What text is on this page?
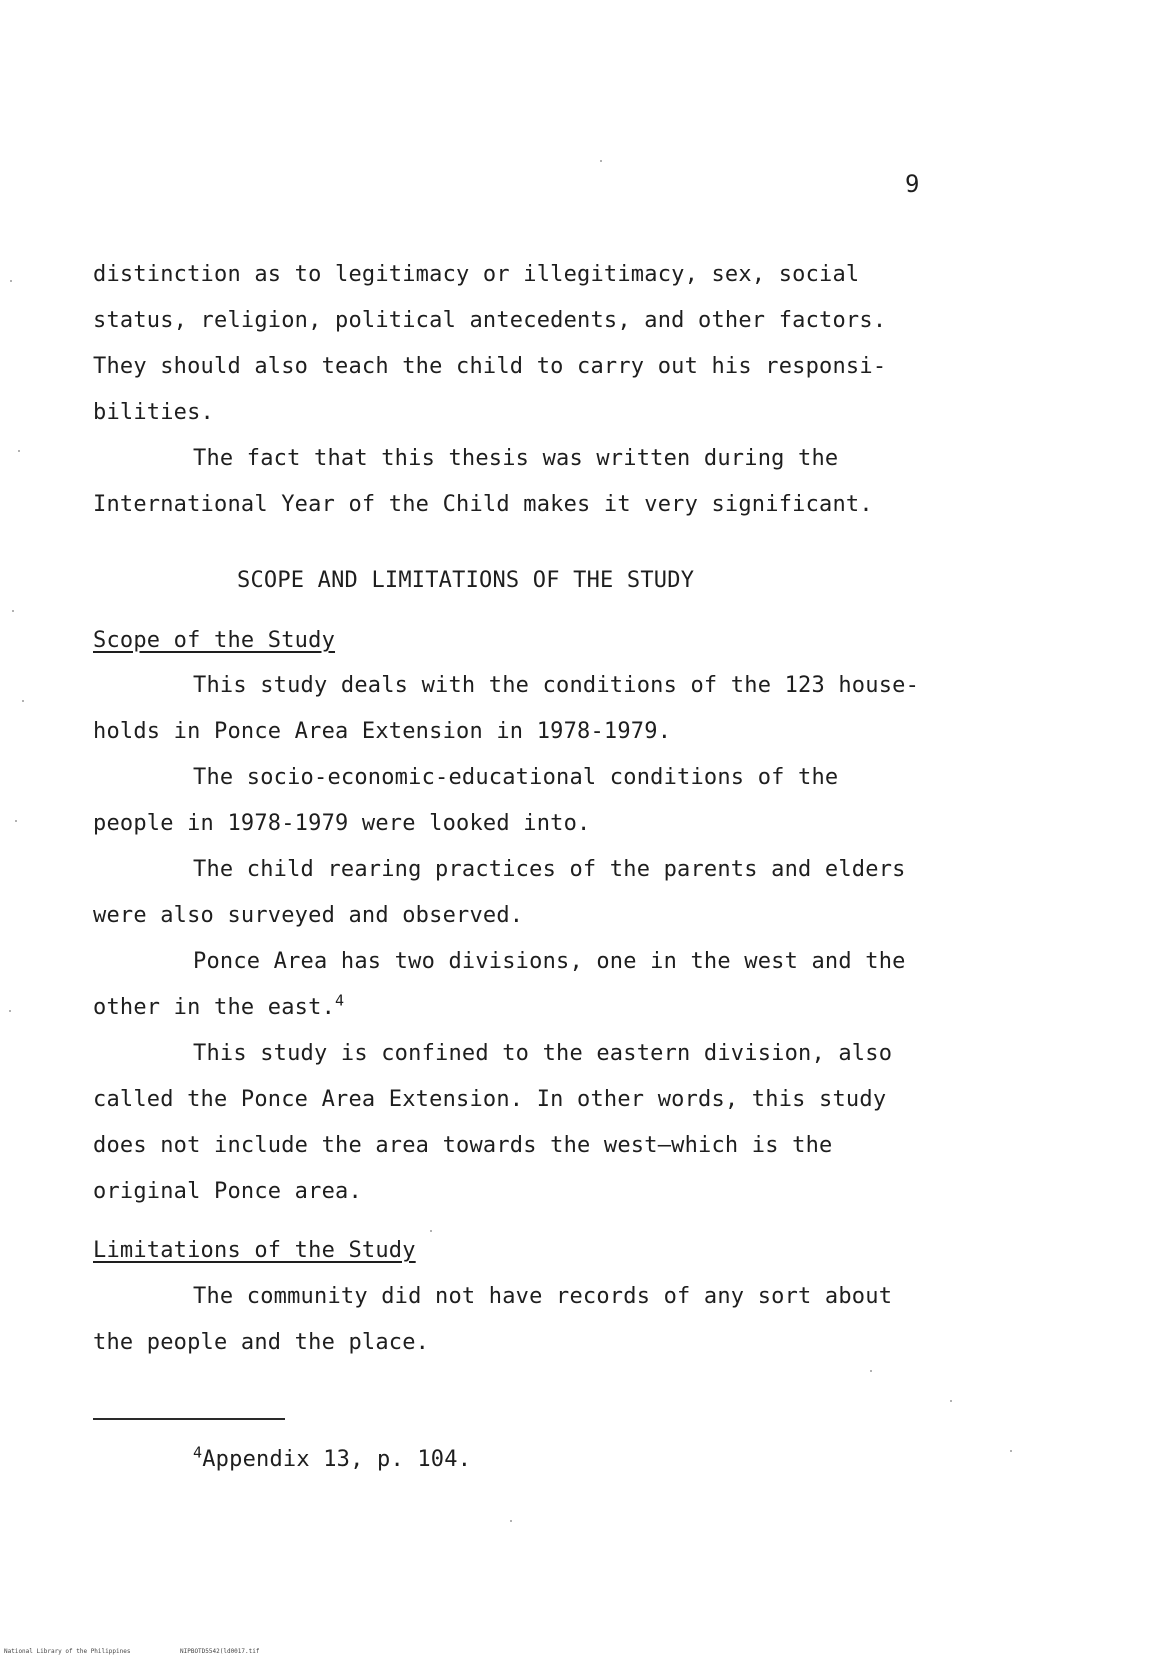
9
distinction as to legitimacy or illegitimacy, sex, social
status, religion, political antecedents, and other factors.
They should also teach the child to carry out his responsi-
bilities.
The fact that this thesis was written during the
International Year of the Child makes it very significant.
SCOPE AND LIMITATIONS OF THE STUDY
Scope of the Study
This study deals with the conditions of the 123 house-
holds in Ponce Area Extension in 1978-1979.
The socio-economic-educational conditions of the
people in 1978-1979 were looked into.
The child rearing practices of the parents and elders
were also surveyed and observed.
Ponce Area has two divisions, one in the west and the
other in the east.$^4$
This study is confined to the eastern division, also
called the Ponce Area Extension. In other words, this study
does not include the area towards the west—which is the
original Ponce area.
Limitations of the Study
The community did not have records of any sort about
the people and the place.
$^4$Appendix 13, p. 104.
National Library of the Philippines	NIPBOTD5542(ld0017.tif
